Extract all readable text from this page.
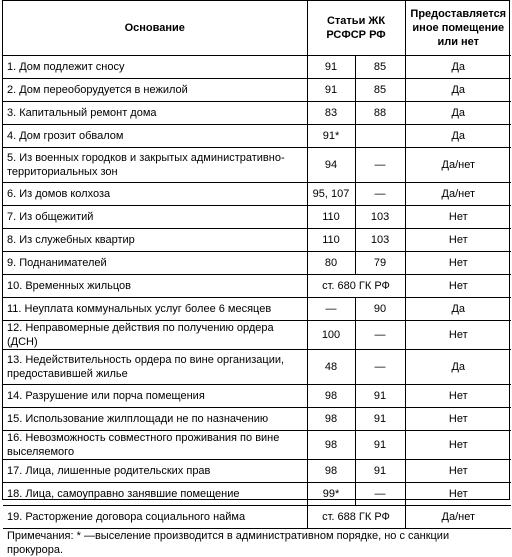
Основание	Статьи ЖК РСФСР РФ		Предоставляется иное помещение или нет
1. Дом подлежит сносу	91	85	Да
2. Дом переоборудуется в нежилой	91	85	Да
3. Капитальный ремонт дома	83	88	Да
4. Дом грозит обвалом	91*		Да
5. Из военных городков и закрытых административно-территориальных зон	94	—	Да/нет
6. Из домов колхоза	95, 107	—	Да/нет
7. Из общежитий	110	103	Нет
8. Из служебных квартир	110	103	Нет
9. Поднанимателей	80	79	Нет
10. Временных жильцов	ст. 680 ГК РФ		Нет
11. Неуплата коммунальных услуг более 6 месяцев	—	90	Да
12. Неправомерные действия по получению ордера (ДСН)	100	—	Нет
13. Недействительность ордера по вине организации, предоставившей жилье	48	—	Да
14. Разрушение или порча помещения	98	91	Нет
15. Использование жилплощади не по назначению	98	91	Нет
16. Невозможность совместного проживания по вине выселяемого	98	91	Нет
17. Лица, лишенные родительских прав	98	91	Нет
18. Лица, самоуправно занявшие помещение	99*	—	Нет
19. Расторжение договора социального найма	ст. 688 ГК РФ		Да/нет
Примечания: * —выселение производится в административном порядке, но с санкции прокурора.			
